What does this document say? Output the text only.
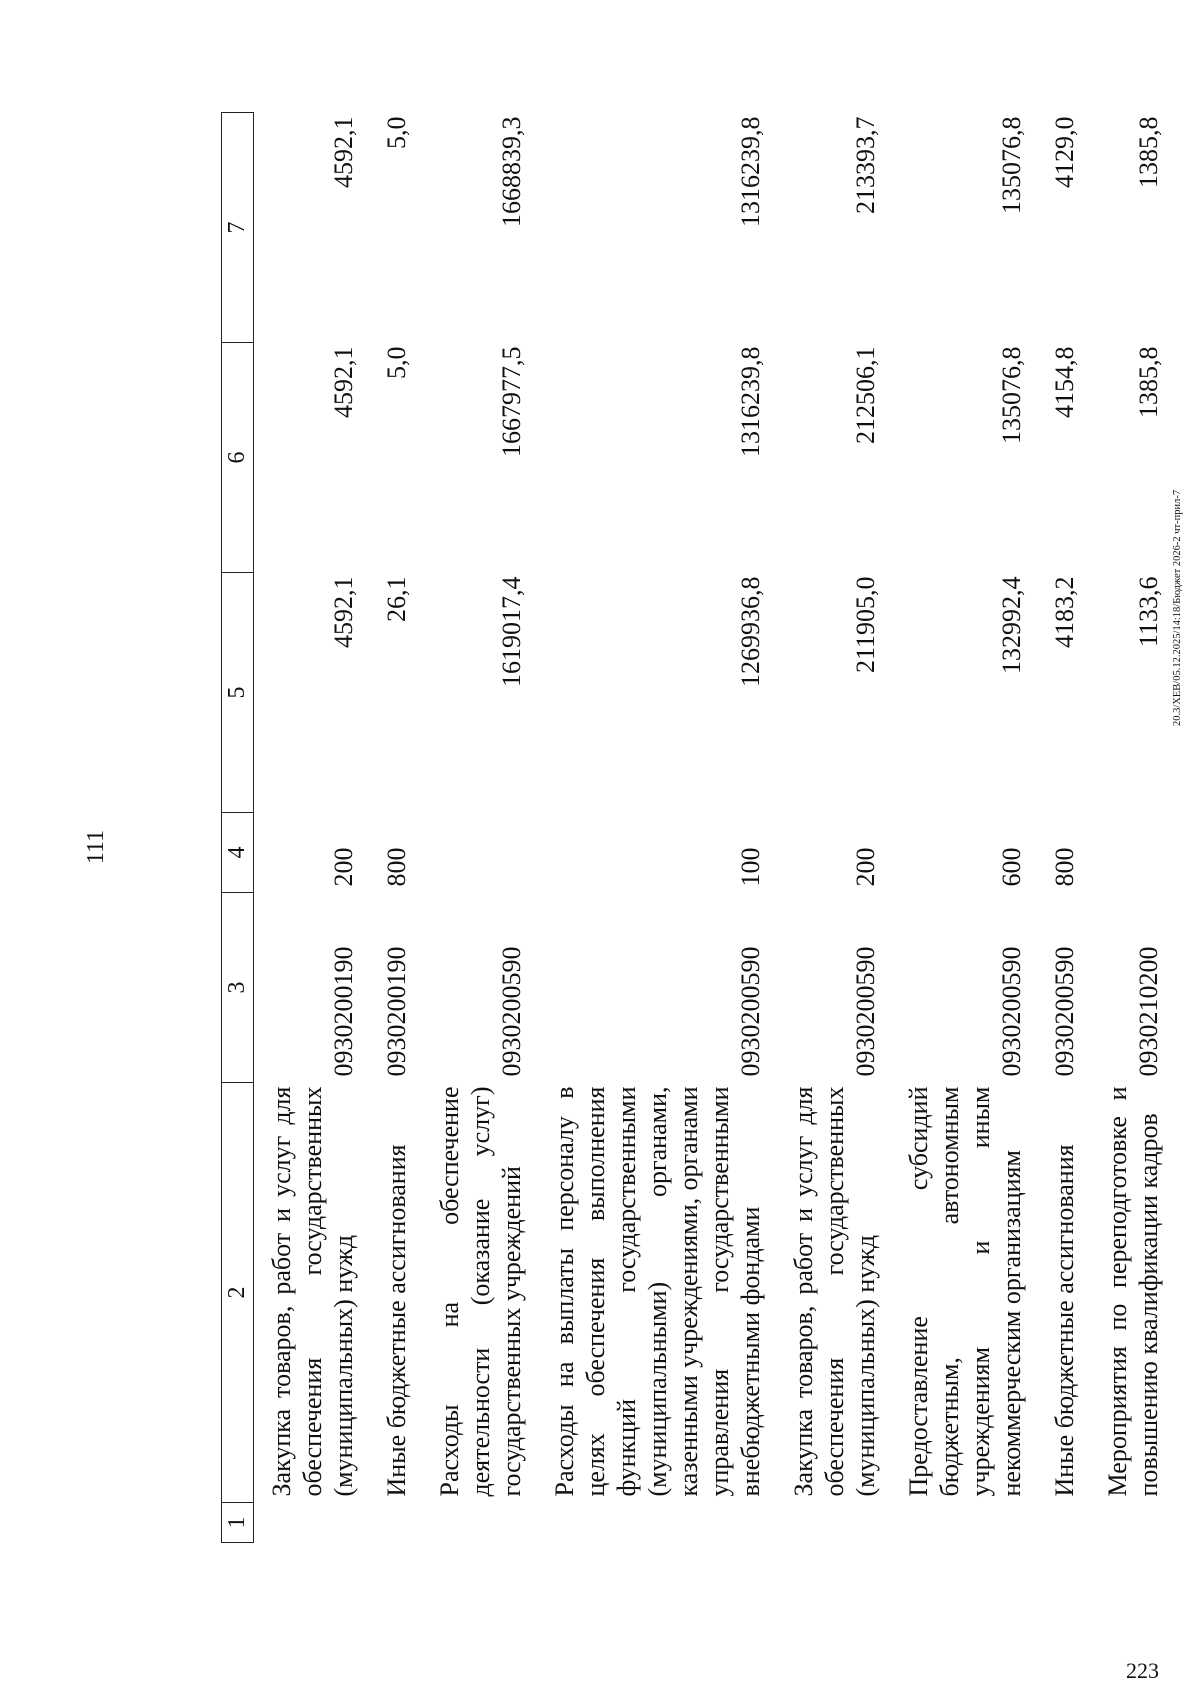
111
1	2	3	4	5	6	7
	Закупка товаров, работ и услуг для обеспечения государственных (муниципальных) нужд	0930200190	200	4592,1	4592,1	4592,1
	Иные бюджетные ассигнования	0930200190	800	26,1	5,0	5,0
	Расходы на обеспечение деятельности (оказание услуг) государственных учреждений	0930200590		1619017,4	1667977,5	1668839,3
	Расходы на выплаты персоналу в целях обеспечения выполнения функций государственными (муниципальными) органами, казенными учреждениями, органами управления государственными внебюджетными фондами	0930200590	100	1269936,8	1316239,8	1316239,8
	Закупка товаров, работ и услуг для обеспечения государственных (муниципальных) нужд	0930200590	200	211905,0	212506,1	213393,7
	Предоставление субсидий бюджетным, автономным учреждениям и иным некоммерческим организациям	0930200590	600	132992,4	135076,8	135076,8
	Иные бюджетные ассигнования	0930200590	800	4183,2	4154,8	4129,0
	Мероприятия по переподготовке и повышению квалификации кадров	0930210200		1133,6	1385,8	1385,8
20.3/ХЕВ/05.12.2025/14:18/Бюджет 2026-2 чт-прил-7
223
